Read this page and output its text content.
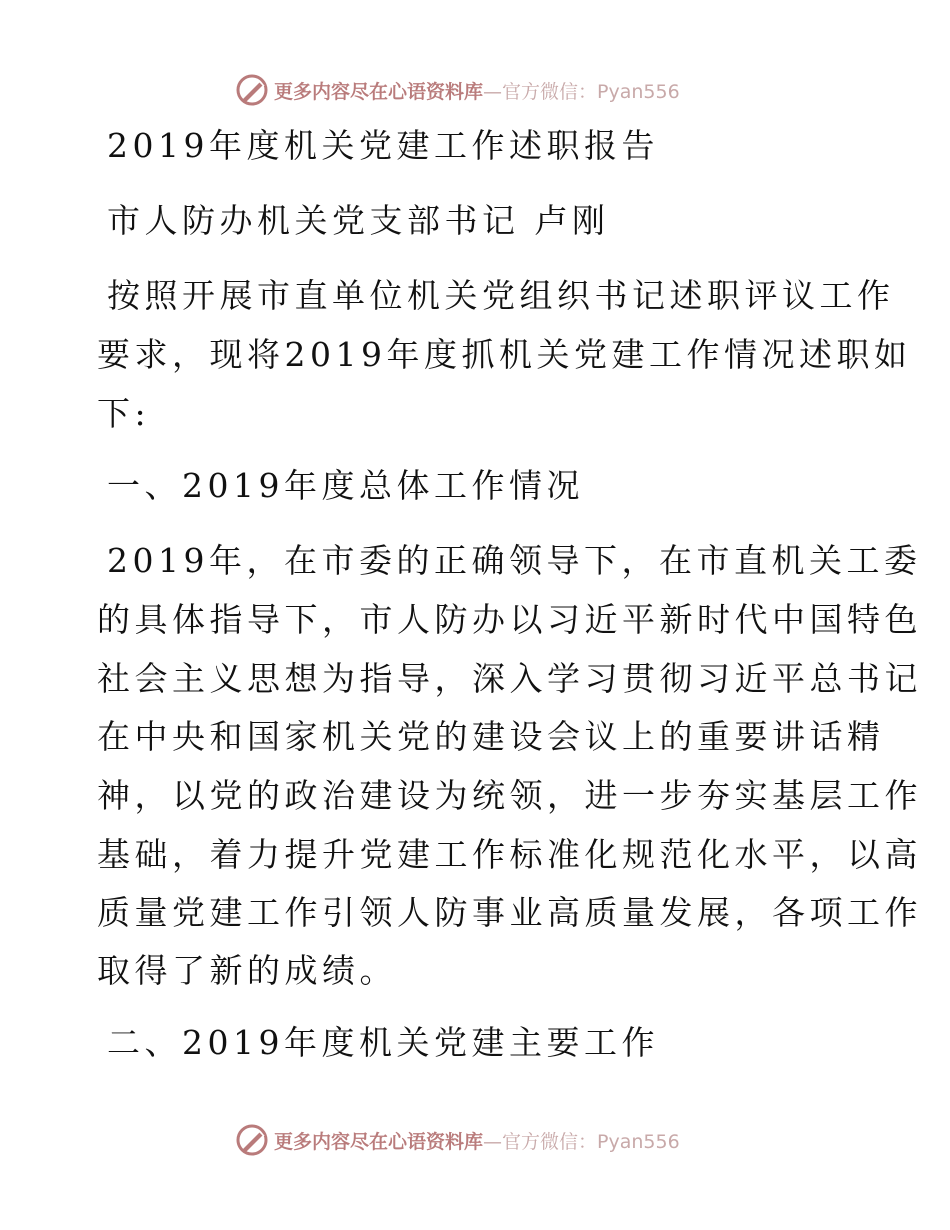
更多内容尽在心语资料库—官方微信：Pyan556
2019年度机关党建工作述职报告
市人防办机关党支部书记 卢刚
按照开展市直单位机关党组织书记述职评议工作
要求，现将2019年度抓机关党建工作情况述职如
下:
一、2019年度总体工作情况
2019年，在市委的正确领导下，在市直机关工委
的具体指导下，市人防办以习近平新时代中国特色
社会主义思想为指导，深入学习贯彻习近平总书记
在中央和国家机关党的建设会议上的重要讲话精
神，以党的政治建设为统领，进一步夯实基层工作
基础，着力提升党建工作标准化规范化水平，以高
质量党建工作引领人防事业高质量发展，各项工作
取得了新的成绩。
二、2019年度机关党建主要工作
更多内容尽在心语资料库—官方微信：Pyan556
